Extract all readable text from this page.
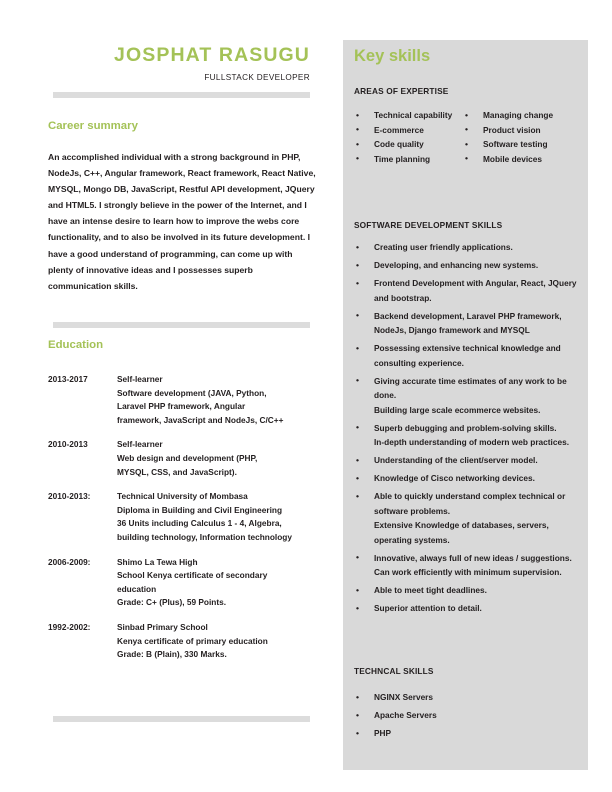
JOSPHAT RASUGU
FULLSTACK DEVELOPER
Career summary
An accomplished individual with a strong background in PHP, NodeJs, C++, Angular framework, React framework, React Native, MYSQL, Mongo DB, JavaScript, Restful API development, JQuery and HTML5. I strongly believe in the power of the Internet, and I have an intense desire to learn how to improve the webs core functionality, and to also be involved in its future development. I have a good understand of programming, can come up with plenty of innovative ideas and I possesses superb communication skills.
Education
2013-2017	Self-learner
Software development (JAVA, Python,
Laravel PHP framework, Angular
framework, JavaScript and NodeJs, C/C++
2010-2013	Self-learner
Web design and development (PHP,
MYSQL, CSS, and JavaScript).
2010-2013:	Technical University of Mombasa
Diploma in Building and Civil Engineering
36 Units including Calculus 1 - 4, Algebra,
building technology, Information technology
2006-2009:	Shimo La Tewa High
School Kenya certificate of secondary
education
Grade: C+ (Plus), 59 Points.
1992-2002:	Sinbad Primary School
Kenya certificate of primary education
Grade: B (Plain), 330 Marks.
Key skills
AREAS OF EXPERTISE
• Technical capability
• E-commerce
• Code quality
• Time planning
• Managing change
• Product vision
• Software testing
• Mobile devices
SOFTWARE DEVELOPMENT SKILLS
• Creating user friendly applications.
• Developing, and enhancing new systems.
• Frontend Development with Angular, React, JQuery and bootstrap.
• Backend development, Laravel PHP framework, NodeJs, Django framework and MYSQL
• Possessing extensive technical knowledge and consulting experience.
• Giving accurate time estimates of any work to be done.
Building large scale ecommerce websites.
• Superb debugging and problem-solving skills.
In-depth understanding of modern web practices.
• Understanding of the client/server model.
• Knowledge of Cisco networking devices.
• Able to quickly understand complex technical or software problems.
Extensive Knowledge of databases, servers, operating systems.
• Innovative, always full of new ideas / suggestions. Can work efficiently with minimum supervision.
• Able to meet tight deadlines.
• Superior attention to detail.
TECHNCAL SKILLS
• NGINX Servers
• Apache Servers
• PHP
